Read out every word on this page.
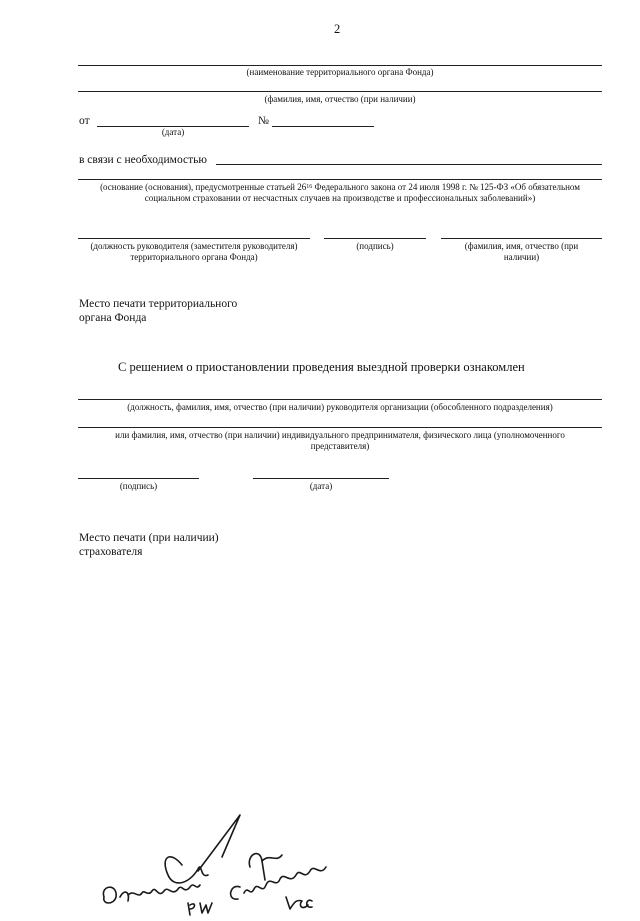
2
(наименование территориального органа Фонда)
(фамилия, имя, отчество (при наличии)
от
(дата)
№
в связи с необходимостью
(основание (основания), предусмотренные статьей $26^{16}$ Федерального закона от 24 июля 1998 г. № 125-ФЗ «Об обязательном
социальном страховании от несчастных случаев на производстве и профессиональных заболеваний»)
(должность руководителя (заместителя руководителя)
территориального органа Фонда)
(подпись)	(фамилия, имя, отчество (при
наличии)
Место печати территориального
органа Фонда
С решением о приостановлении проведения выездной проверки ознакомлен
(должность, фамилия, имя, отчество (при наличии) руководителя организации (обособленного подразделения)
или фамилия, имя, отчество (при наличии) индивидуального предпринимателя, физического лица (уполномоченного
представителя)
(подпись)	(дата)
Место печати (при наличии)
страхователя
